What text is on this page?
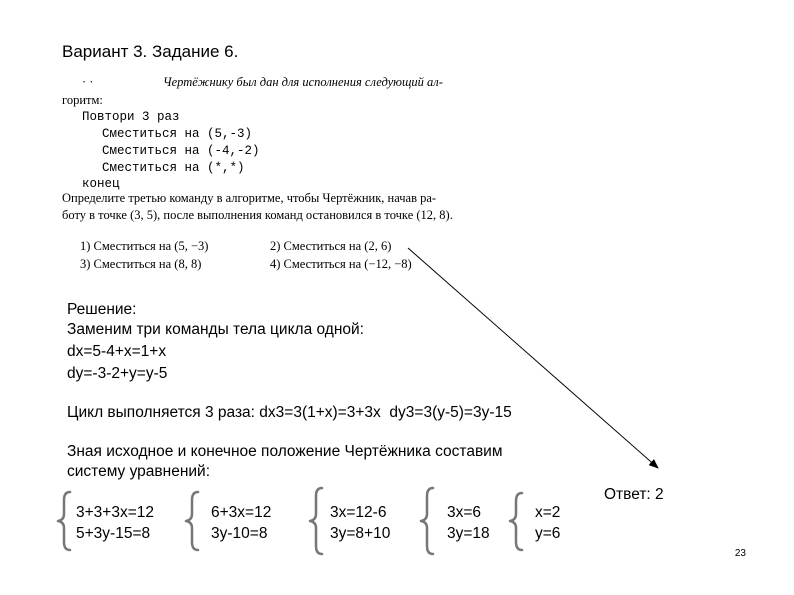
Вариант 3. Задание 6.
· ·	Чертёжнику был дан для исполнения следующий ал-
горитм:
Повтори 3 раз
Сместиться на (5,-3)
Сместиться на (-4,-2)
Сместиться на (*,*)
конец
Определите третью команду в алгоритме, чтобы Чертёжник, начав ра-
боту в точке (3, 5), после выполнения команд остановился в точке (12, 8).
1) Сместиться на (5, −3)	2) Сместиться на (2, 6)
3) Сместиться на (8, 8)	4) Сместиться на (−12, −8)
Решение:
Заменим три команды тела цикла одной:
dx=5-4+x=1+x
dy=-3-2+y=y-5
Цикл выполняется 3 раза: dx3=3(1+x)=3+3x  dy3=3(y-5)=3y-15
Зная исходное и конечное положение Чертёжника составим
систему уравнений:
Ответ: 2
3+3+3x=12
5+3y-15=8
6+3x=12
3y-10=8
3x=12-6
3y=8+10
3x=6
3y=18
x=2
y=6
23
